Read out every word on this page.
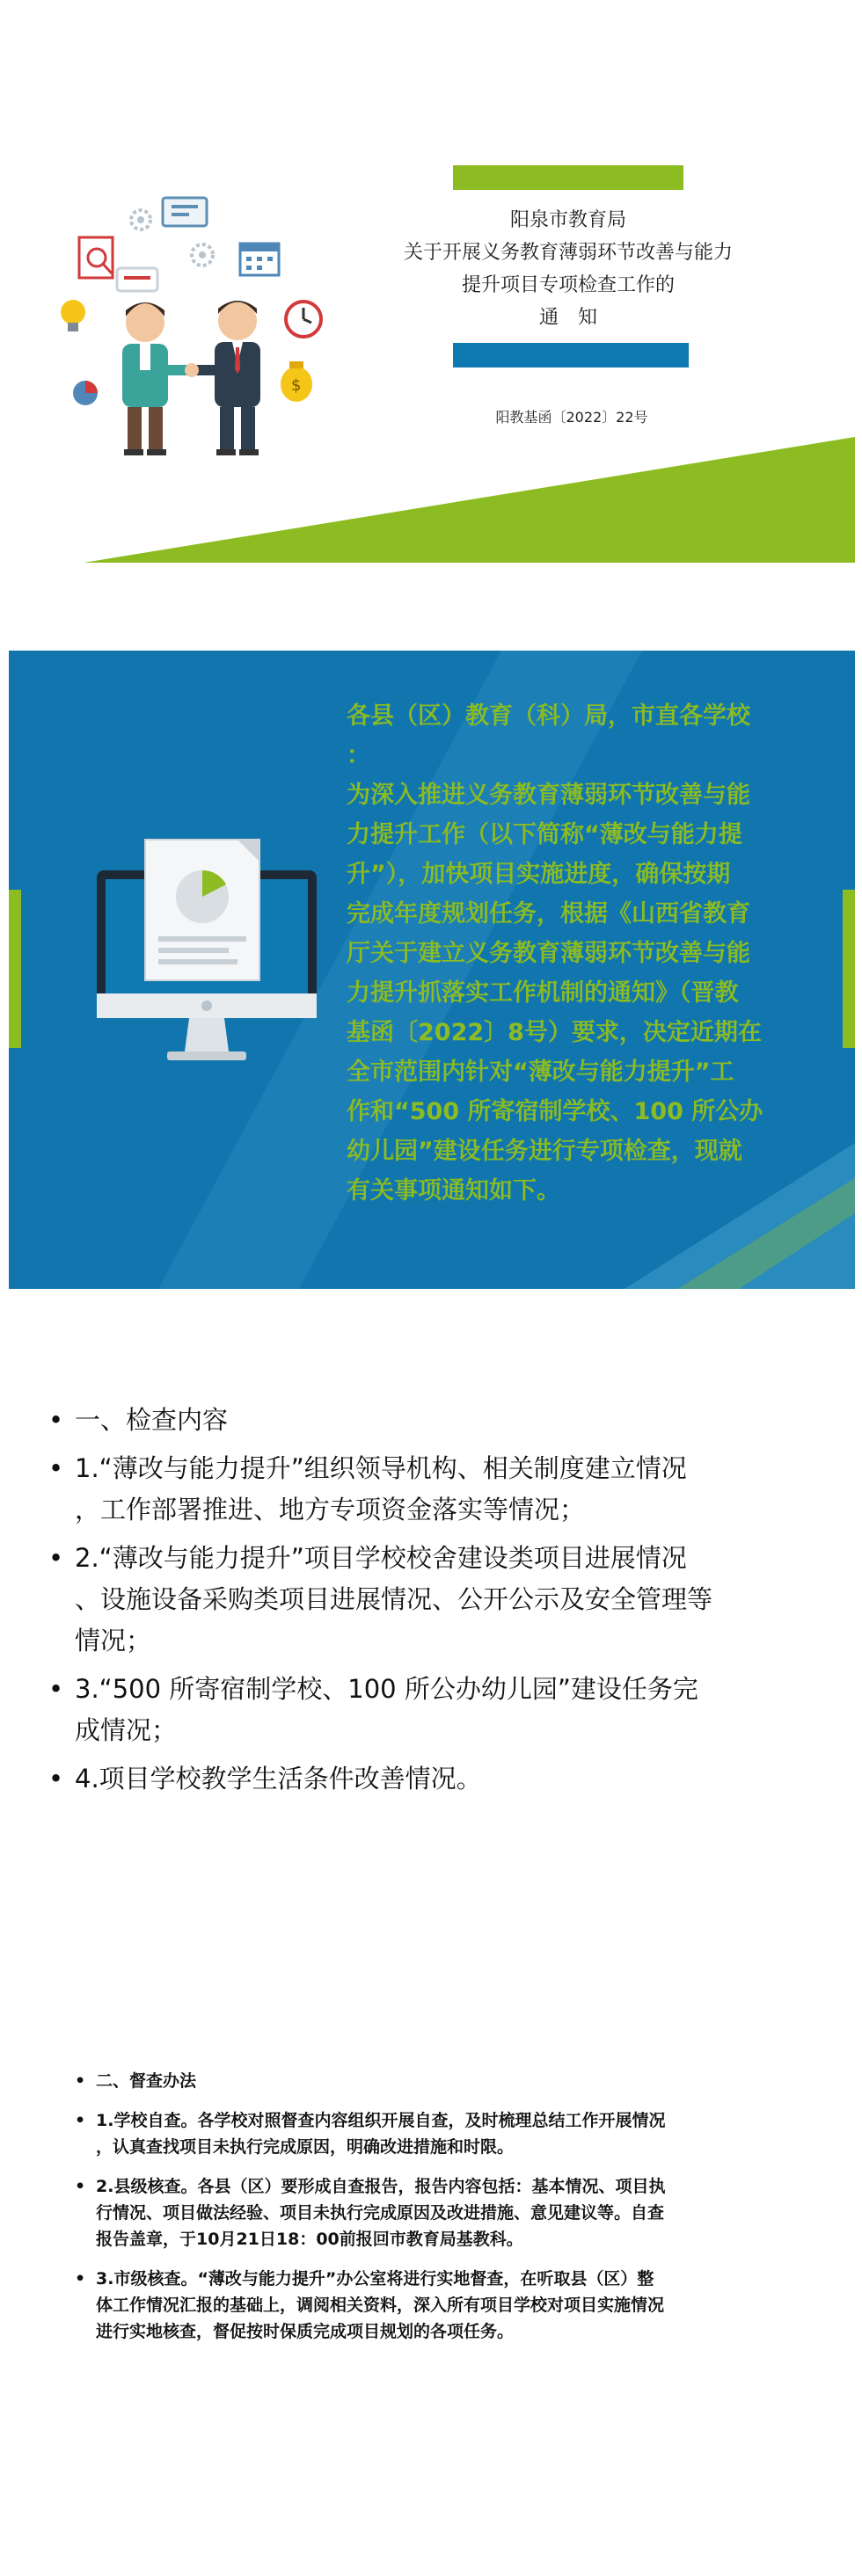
阳泉市教育局
关于开展义务教育薄弱环节改善与能力
提升项目专项检查工作的
通　知
阳教基函〔2022〕22号
$
各县（区）教育（科）局，市直各学校
：
为深入推进义务教育薄弱环节改善与能
力提升工作（以下简称“薄改与能力提
升”），加快项目实施进度，确保按期
完成年度规划任务，根据《山西省教育
厅关于建立义务教育薄弱环节改善与能
力提升抓落实工作机制的通知》（晋教
基函〔2022〕8号）要求，决定近期在
全市范围内针对“薄改与能力提升”工
作和“500 所寄宿制学校、100 所公办
幼儿园”建设任务进行专项检查，现就
有关事项通知如下。
• 一、检查内容
• 1.“薄改与能力提升”组织领导机构、相关制度建立情况
，工作部署推进、地方专项资金落实等情况；
• 2.“薄改与能力提升”项目学校校舍建设类项目进展情况
、设施设备采购类项目进展情况、公开公示及安全管理等
情况；
• 3.“500 所寄宿制学校、100 所公办幼儿园”建设任务完
成情况；
• 4.项目学校教学生活条件改善情况。
• 二、督查办法
• 1.学校自查。各学校对照督查内容组织开展自查，及时梳理总结工作开展情况
，认真查找项目未执行完成原因，明确改进措施和时限。
• 2.县级核查。各县（区）要形成自查报告，报告内容包括：基本情况、项目执
行情况、项目做法经验、项目未执行完成原因及改进措施、意见建议等。自查
报告盖章，于10月21日18：00前报回市教育局基教科。
• 3.市级核查。“薄改与能力提升”办公室将进行实地督查，在听取县（区）整
体工作情况汇报的基础上，调阅相关资料，深入所有项目学校对项目实施情况
进行实地核查，督促按时保质完成项目规划的各项任务。
